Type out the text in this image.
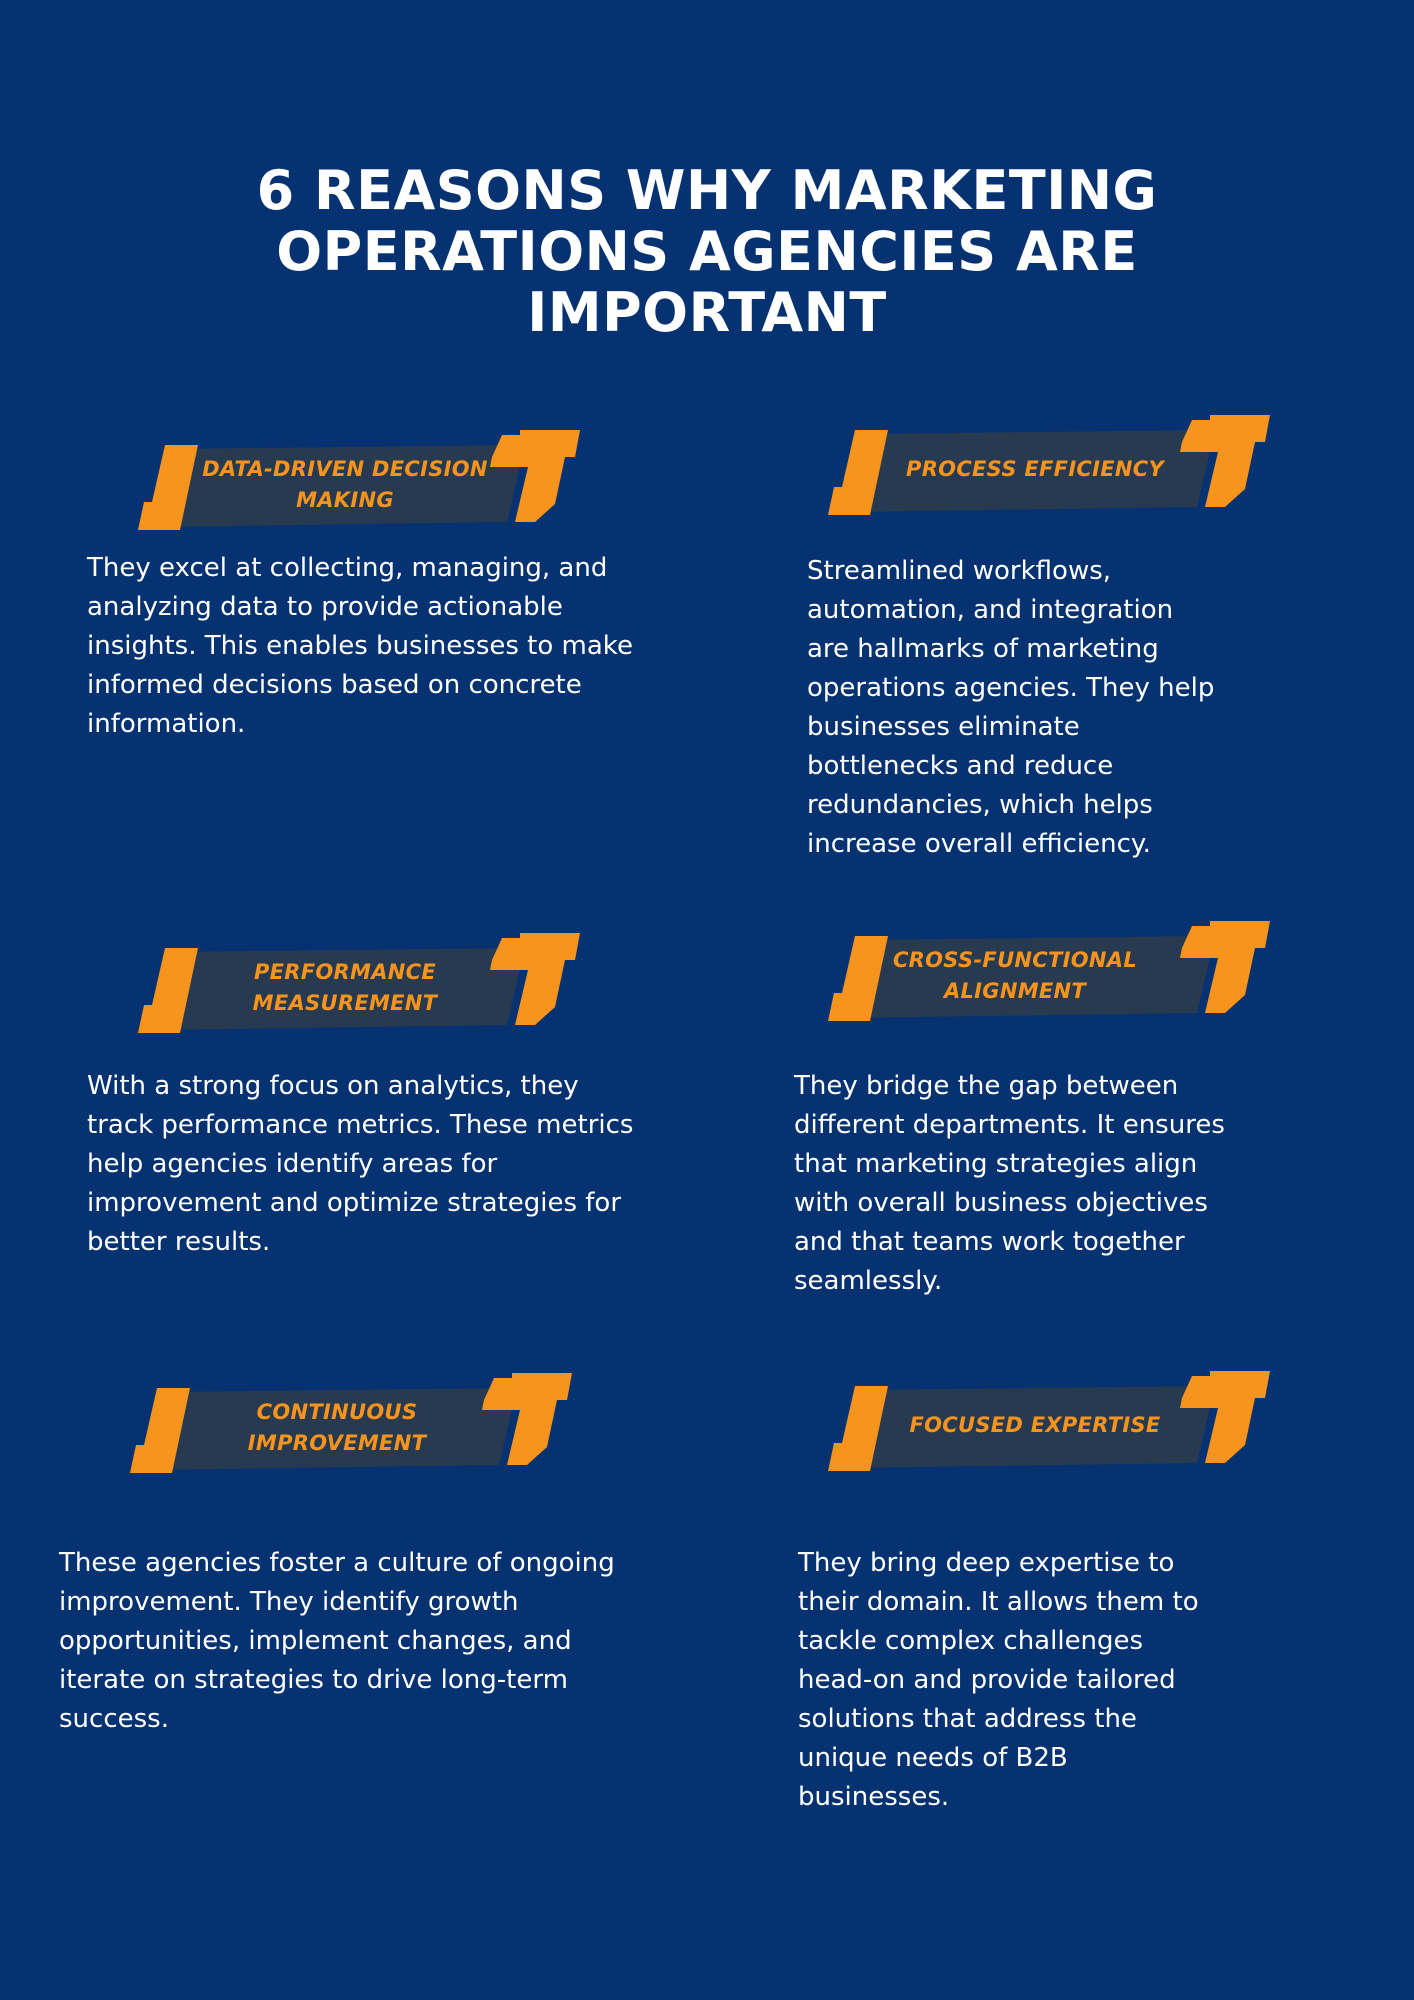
6 REASONS WHY MARKETING
OPERATIONS AGENCIES ARE
IMPORTANT
DATA-DRIVEN DECISION
MAKING

They excel at collecting, managing, and
analyzing data to provide actionable
insights. This enables businesses to make
informed decisions based on concrete
information.

PROCESS EFFICIENCY

Streamlined workflows,
automation, and integration
are hallmarks of marketing
operations agencies. They help
businesses eliminate
bottlenecks and reduce
redundancies, which helps
increase overall efficiency.

PERFORMANCE
MEASUREMENT

With a strong focus on analytics, they
track performance metrics. These metrics
help agencies identify areas for
improvement and optimize strategies for
better results.

CROSS-FUNCTIONAL
ALIGNMENT

They bridge the gap between
different departments. It ensures
that marketing strategies align
with overall business objectives
and that teams work together
seamlessly.

CONTINUOUS
IMPROVEMENT

These agencies foster a culture of ongoing
improvement. They identify growth
opportunities, implement changes, and
iterate on strategies to drive long-term
success.

FOCUSED EXPERTISE

They bring deep expertise to
their domain. It allows them to
tackle complex challenges
head-on and provide tailored
solutions that address the
unique needs of B2B
businesses.
